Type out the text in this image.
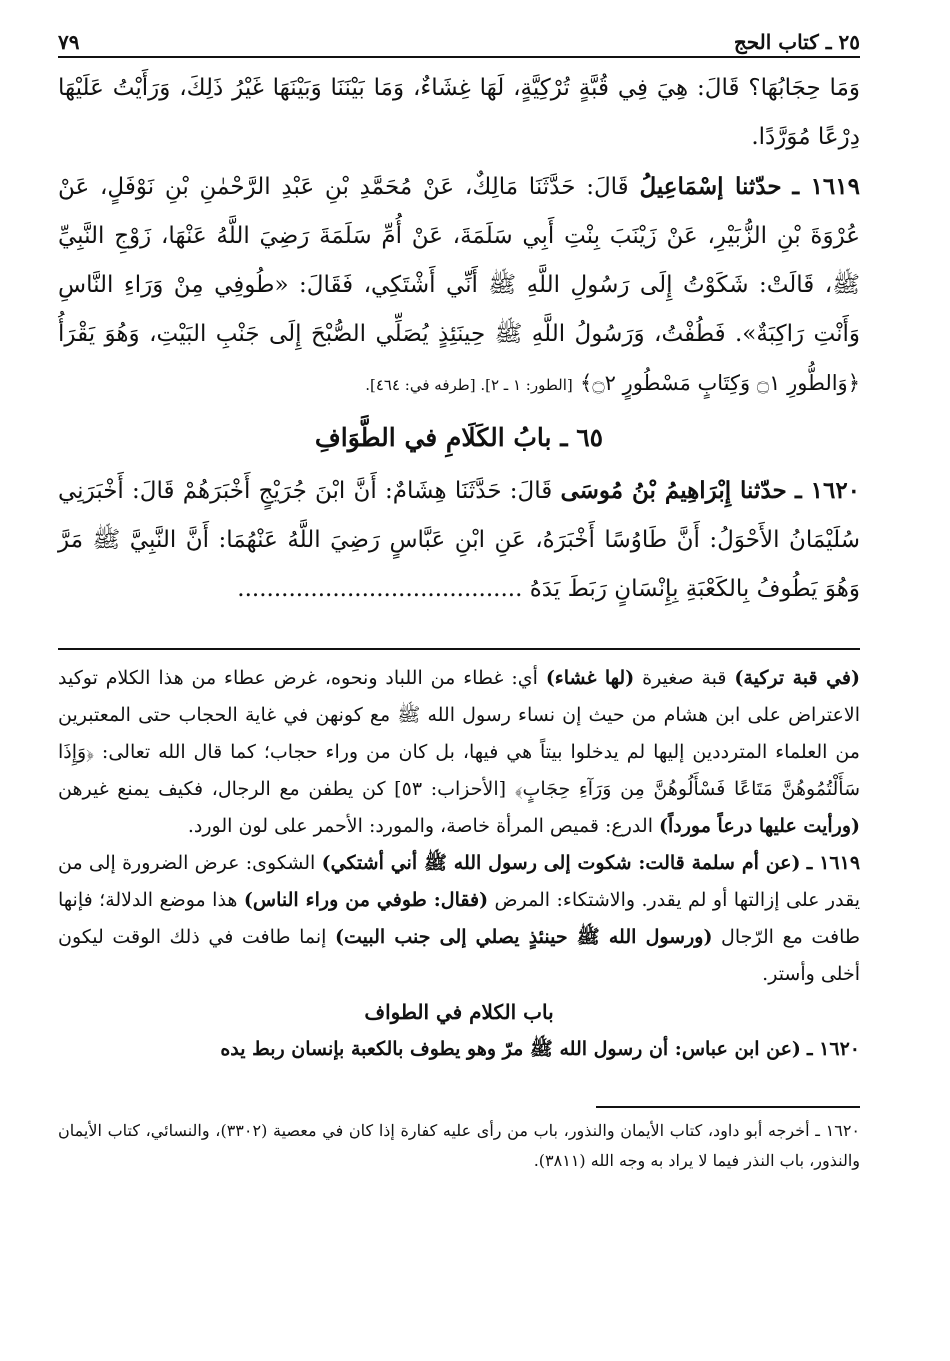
٢٥ ـ كتاب الحج
٧٩

وَمَا حِجَابُهَا؟ قَالَ: هِيَ فِي قُبَّةٍ تُرْكِيَّةٍ، لَهَا غِشَاءٌ، وَمَا بَيْنَنَا وَبَيْنَهَا غَيْرُ ذَلِكَ، وَرَأَيْتُ عَلَيْهَا دِرْعًا مُوَرَّدًا.

١٦١٩ ـ حدّثنا إسْمَاعِيلُ قَالَ: حَدَّثَنَا مَالِكٌ، عَنْ مُحَمَّدِ بْنِ عَبْدِ الرَّحْمٰنِ بْنِ نَوْفَلٍ، عَنْ عُرْوَةَ بْنِ الزُّبَيْرِ، عَنْ زَيْنَبَ بِنْتِ أَبِي سَلَمَةَ، عَنْ أُمِّ سَلَمَةَ رَضِيَ اللَّهُ عَنْهَا، زَوْجِ النَّبِيِّ ﷺ، قَالَتْ: شَكَوْتُ إِلَى رَسُولِ اللَّهِ ﷺ أَنِّي أَشْتَكِي، فَقَالَ: «طُوفِي مِنْ وَرَاءِ النَّاسِ وَأَنْتِ رَاكِبَةٌ». فَطُفْتُ، وَرَسُولُ اللَّهِ ﷺ حِينَئِذٍ يُصَلِّي الصُّبْحَ إِلَى جَنْبِ البَيْتِ، وَهُوَ يَقْرَأُ ﴿وَالطُّورِ ۝١ وَكِتَابٍ مَسْطُورٍ ۝٢﴾ [الطور: ١ ـ ٢]. [طرفه في: ٤٦٤].

٦٥ ـ بابُ الكَلَامِ في الطَّوَافِ

١٦٢٠ ـ حدّثنا إِبْرَاهِيمُ بْنُ مُوسَى قَالَ: حَدَّثَنَا هِشَامٌ: أَنَّ ابْنَ جُرَيْجٍ أَخْبَرَهُمْ قَالَ: أَخْبَرَنِي سُلَيْمَانُ الأَحْوَلُ: أَنَّ طَاوُسًا أَخْبَرَهُ، عَنِ ابْنِ عَبَّاسٍ رَضِيَ اللَّهُ عَنْهُمَا: أَنَّ النَّبِيَّ ﷺ مَرَّ وَهُوَ يَطُوفُ بِالكَعْبَةِ بِإِنْسَانٍ رَبَطَ يَدَهُ .......................................

(في قبة تركية) قبة صغيرة (لها غشاء) أي: غطاء من اللباد ونحوه، غرض عطاء من هذا الكلام توكيد الاعتراض على ابن هشام من حيث إن نساء رسول الله ﷺ مع كونهن في غاية الحجاب حتى المعتبرين من العلماء المترددين إليها لم يدخلوا بيتاً هي فيها، بل كان من وراء حجاب؛ كما قال الله تعالى: ﴿وَإِذَا سَأَلْتُمُوهُنَّ مَتَاعًا فَسْأَلُوهُنَّ مِن وَرَآءِ حِجَابٍ﴾ [الأحزاب: ٥٣] كن يطفن مع الرجال، فكيف يمنع غيرهن (ورأيت عليها درعاً مورداً) الدرع: قميص المرأة خاصة، والمورد: الأحمر على لون الورد.

١٦١٩ ـ (عن أم سلمة قالت: شكوت إلى رسول الله ﷺ أني أشتكي) الشكوى: عرض الضرورة إلى من يقدر على إزالتها أو لم يقدر. والاشتكاء: المرض (فقال: طوفي من وراء الناس) هذا موضع الدلالة؛ فإنها طافت مع الرّجال (ورسول الله ﷺ حينئذٍ يصلي إلى جنب البيت) إنما طافت في ذلك الوقت ليكون أخلى وأستر.

باب الكلام في الطواف

١٦٢٠ ـ (عن ابن عباس: أن رسول الله ﷺ مرّ وهو يطوف بالكعبة بإنسان ربط يده

١٦٢٠ ـ أخرجه أبو داود، كتاب الأيمان والنذور، باب من رأى عليه كفارة إذا كان في معصية (٣٣٠٢)، والنسائي، كتاب الأيمان والنذور، باب النذر فيما لا يراد به وجه الله (٣٨١١).
